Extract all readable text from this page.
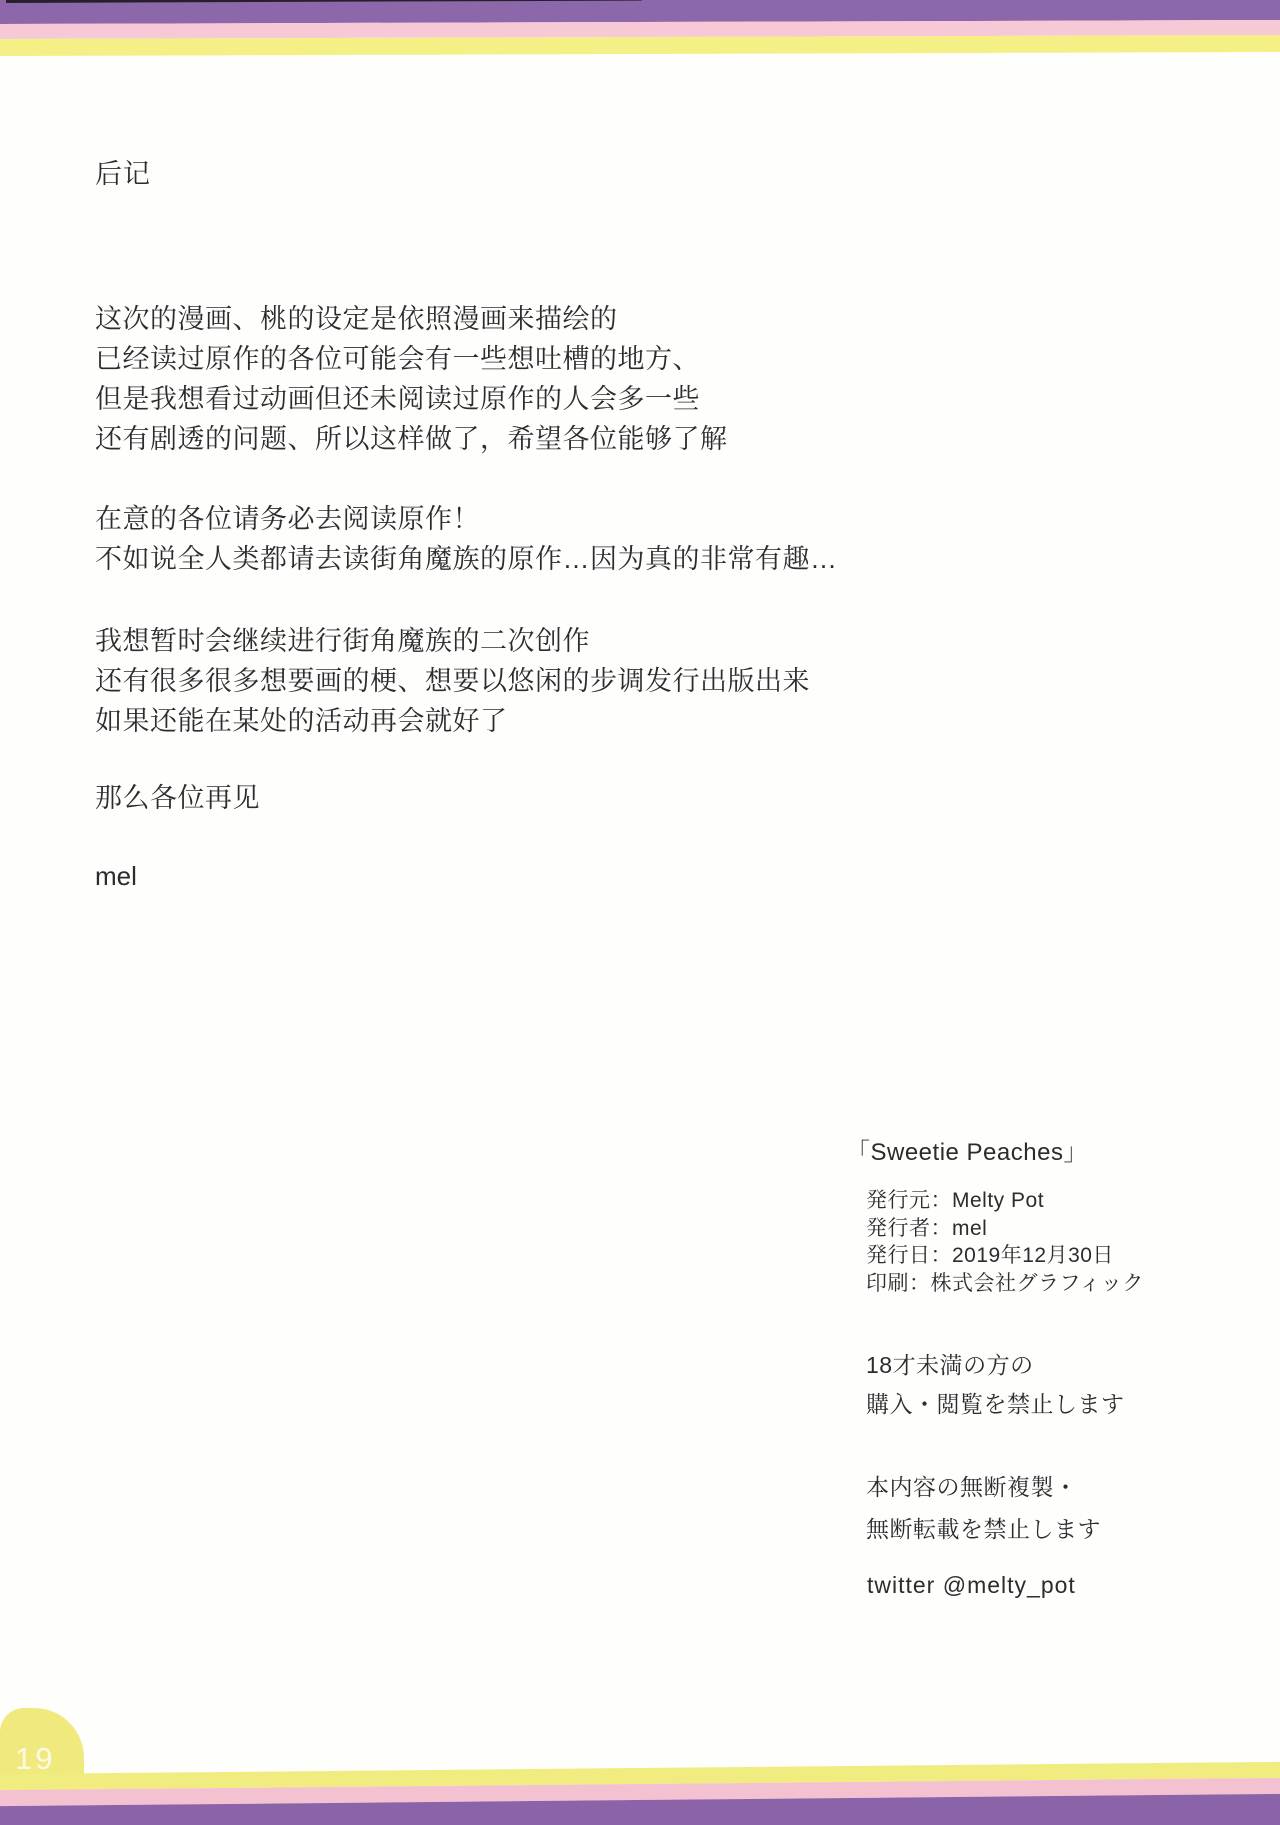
后记
这次的漫画、桃的设定是依照漫画来描绘的
已经读过原作的各位可能会有一些想吐槽的地方、
但是我想看过动画但还未阅读过原作的人会多一些
还有剧透的问题、所以这样做了，希望各位能够了解
在意的各位请务必去阅读原作！
不如说全人类都请去读街角魔族的原作…因为真的非常有趣…
我想暂时会继续进行街角魔族的二次创作
还有很多很多想要画的梗、想要以悠闲的步调发行出版出来
如果还能在某处的活动再会就好了
那么各位再见
mel
「Sweetie Peaches」
発行元：Melty Pot
発行者：mel
発行日：2019年12月30日
印刷：株式会社グラフィック
18才未満の方の
購入・閲覧を禁止します
本内容の無断複製・
無断転載を禁止します
twitter @melty_pot
19
